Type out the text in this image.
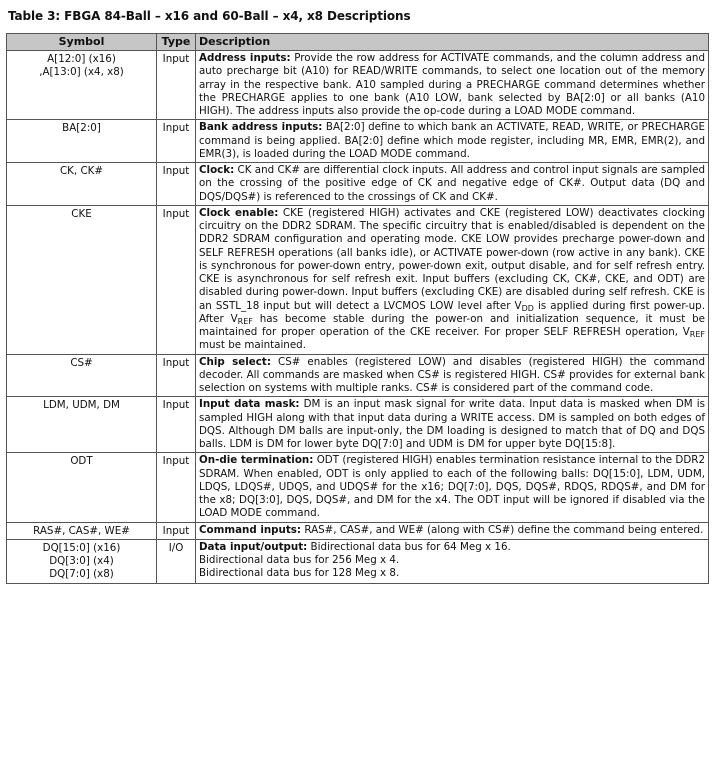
Table 3: FBGA 84-Ball – x16 and 60-Ball – x4, x8 Descriptions
Symbol	Type	Description

A[12:0] (x16)
,A[13:0] (x4, x8)	Input	Address inputs: Provide the row address for ACTIVATE commands, and the column address and auto precharge bit (A10) for READ/WRITE commands, to select one location out of the memory array in the respective bank. A10 sampled during a PRECHARGE command determines whether the PRECHARGE applies to one bank (A10 LOW, bank selected by BA[2:0] or all banks (A10 HIGH). The address inputs also provide the op-code during a LOAD MODE command.

BA[2:0]	Input	Bank address inputs: BA[2:0] define to which bank an ACTIVATE, READ, WRITE, or PRECHARGE command is being applied. BA[2:0] define which mode register, including MR, EMR, EMR(2), and EMR(3), is loaded during the LOAD MODE command.

CK, CK#	Input	Clock: CK and CK# are differential clock inputs. All address and control input signals are sampled on the crossing of the positive edge of CK and negative edge of CK#. Output data (DQ and DQS/DQS#) is referenced to the crossings of CK and CK#.

CKE	Input	Clock enable: CKE (registered HIGH) activates and CKE (registered LOW) deactivates clocking circuitry on the DDR2 SDRAM. The specific circuitry that is enabled/disabled is dependent on the DDR2 SDRAM configuration and operating mode. CKE LOW provides precharge power-down and SELF REFRESH operations (all banks idle), or ACTIVATE power-down (row active in any bank). CKE is synchronous for power-down entry, power-down exit, output disable, and for self refresh entry. CKE is asynchronous for self refresh exit. Input buffers (excluding CK, CK#, CKE, and ODT) are disabled during power-down. Input buffers (excluding CKE) are disabled during self refresh. CKE is an SSTL_18 input but will detect a LVCMOS LOW level after $V_{DD}$ is applied during first power-up. After $V_{REF}$ has become stable during the power-on and initialization sequence, it must be maintained for proper operation of the CKE receiver. For proper SELF REFRESH operation, $V_{REF}$ must be maintained.

CS#	Input	Chip select: CS# enables (registered LOW) and disables (registered HIGH) the command decoder. All commands are masked when CS# is registered HIGH. CS# provides for external bank selection on systems with multiple ranks. CS# is considered part of the command code.

LDM, UDM, DM	Input	Input data mask: DM is an input mask signal for write data. Input data is masked when DM is sampled HIGH along with that input data during a WRITE access. DM is sampled on both edges of DQS. Although DM balls are input-only, the DM loading is designed to match that of DQ and DQS balls. LDM is DM for lower byte DQ[7:0] and UDM is DM for upper byte DQ[15:8].

ODT	Input	On-die termination: ODT (registered HIGH) enables termination resistance internal to the DDR2 SDRAM. When enabled, ODT is only applied to each of the following balls: DQ[15:0], LDM, UDM, LDQS, LDQS#, UDQS, and UDQS# for the x16; DQ[7:0], DQS, DQS#, RDQS, RDQS#, and DM for the x8; DQ[3:0], DQS, DQS#, and DM for the x4. The ODT input will be ignored if disabled via the LOAD MODE command.

RAS#, CAS#, WE#	Input	Command inputs: RAS#, CAS#, and WE# (along with CS#) define the command being entered.

DQ[15:0] (x16)
DQ[3:0] (x4)
DQ[7:0] (x8)	I/O	Data input/output: Bidirectional data bus for 64 Meg x 16.
Bidirectional data bus for 256 Meg x 4.
Bidirectional data bus for 128 Meg x 8.
